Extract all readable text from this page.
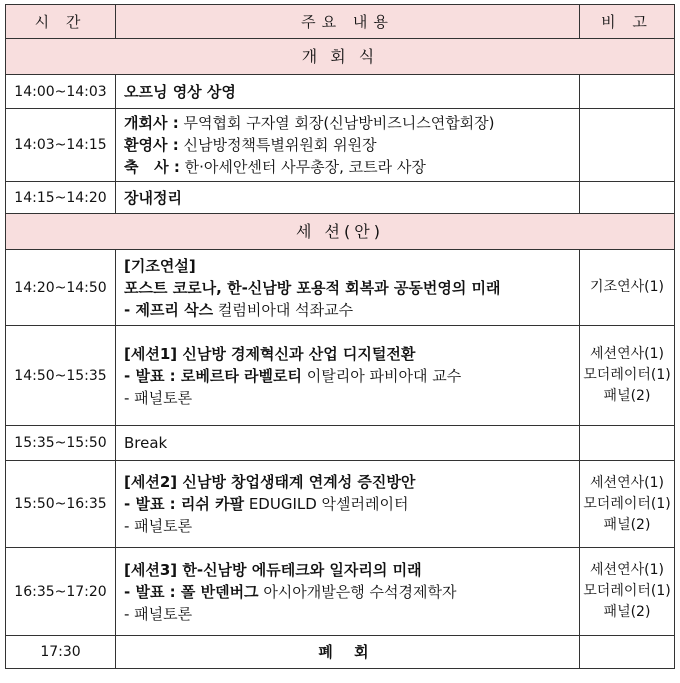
시 간	주요 내용	비 고
개 회 식		
14:00~14:03	오프닝 영상 상영	
14:03~14:15	개회사 : 무역협회 구자열 회장(신남방비즈니스연합회장)
환영사 : 신남방정책특별위원회 위원장
축   사 : 한·아세안센터 사무총장, 코트라 사장	

14:15~14:20	장내정리	
세 션(안)		
14:20~14:50	[기조연설]
포스트 코로나, 한-신남방 포용적 회복과 공동번영의 미래
- 제프리 삭스 컬럼비아대 석좌교수	기조연사(1)
14:50~15:35	[세션1] 신남방 경제혁신과 산업 디지털전환
- 발표 : 로베르타 라벨로티 이탈리아 파비아대 교수
- 패널토론	세션연사(1)
모더레이터(1)
패널(2)

15:35~15:50	Break	
15:50~16:35	[세션2] 신남방 창업생태계 연계성 증진방안
- 발표 : 리쉬 카팔 EDUGILD 악셀러레이터
- 패널토론	세션연사(1)
모더레이터(1)
패널(2)

16:35~17:20	[세션3] 한-신남방 에듀테크와 일자리의 미래
- 발표 : 폴 반덴버그 아시아개발은행 수석경제학자
- 패널토론	세션연사(1)
모더레이터(1)
패널(2)

17:30	폐 회	
